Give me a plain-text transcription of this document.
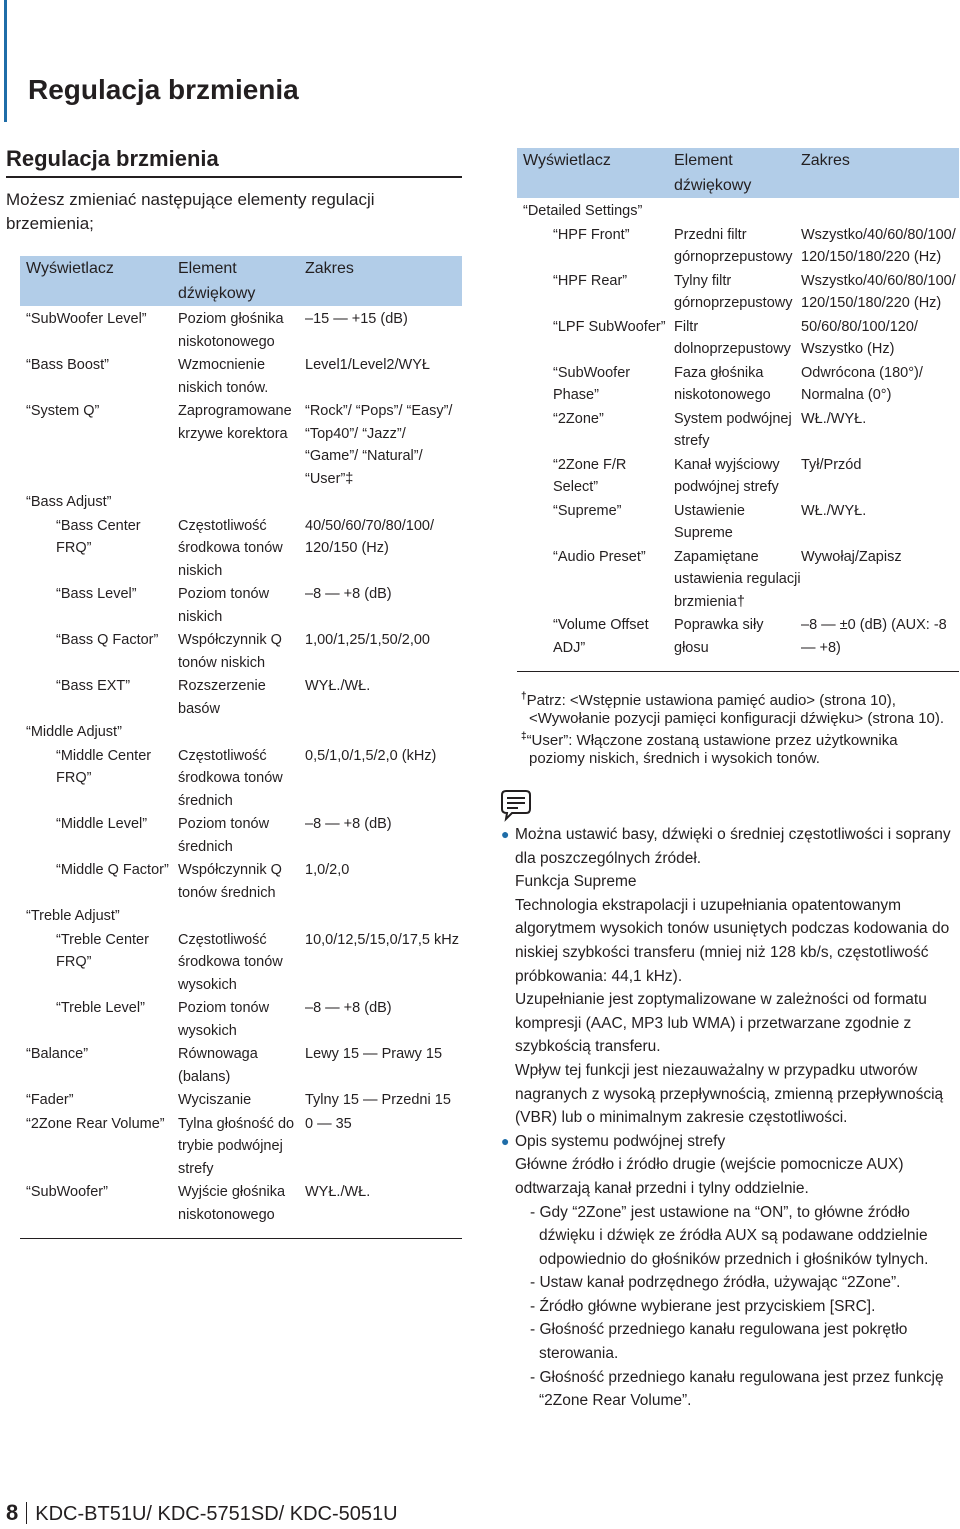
Regulacja brzmienia
Regulacja brzmienia

Możesz zmieniać następujące elementy regulacji brzemienia;

Wyświetlacz	Element dźwiękowy	Zakres
“SubWoofer Level”	Poziom głośnika niskotonowego	–15 — +15 (dB)
“Bass Boost”	Wzmocnienie niskich tonów.	Level1/Level2/WYŁ
“System Q”	Zaprogramowane krzywe korektora	“Rock”/ “Pops”/ “Easy”/ “Top40”/ “Jazz”/ “Game”/ “Natural”/ “User”‡
“Bass Adjust”		
“Bass Center FRQ”	Częstotliwość środkowa tonów niskich	40/50/60/70/80/100/ 120/150 (Hz)
“Bass Level”	Poziom tonów niskich	–8 — +8 (dB)
“Bass Q Factor”	Współczynnik Q tonów niskich	1,00/1,25/1,50/2,00
“Bass EXT”	Rozszerzenie basów	WYŁ./WŁ.
“Middle Adjust”		
“Middle Center FRQ”	Częstotliwość środkowa tonów średnich	0,5/1,0/1,5/2,0 (kHz)
“Middle Level”	Poziom tonów średnich	–8 — +8 (dB)
“Middle Q Factor”	Współczynnik Q tonów średnich	1,0/2,0
“Treble Adjust”		
“Treble Center FRQ”	Częstotliwość środkowa tonów wysokich	10,0/12,5/15,0/17,5 kHz
“Treble Level”	Poziom tonów wysokich	–8 — +8 (dB)
“Balance”	Równowaga (balans)	Lewy 15 — Prawy 15
“Fader”	Wyciszanie	Tylny 15 — Przedni 15
“2Zone Rear Volume”	Tylna głośność do trybie podwójnej strefy	0 — 35
“SubWoofer”	Wyjście głośnika niskotonowego	WYŁ./WŁ.
Wyświetlacz	Element dźwiękowy	Zakres
“Detailed Settings”		
“HPF Front”	Przedni filtr górnoprzepustowy	Wszystko/40/60/80/100/ 120/150/180/220 (Hz)
“HPF Rear”	Tylny filtr górnoprzepustowy	Wszystko/40/60/80/100/ 120/150/180/220 (Hz)
“LPF SubWoofer”	Filtr dolnoprzepustowy	50/60/80/100/120/ Wszystko (Hz)
“SubWoofer Phase”	Faza głośnika niskotonowego	Odwrócona (180°)/ Normalna (0°)
“2Zone”	System podwójnej strefy	WŁ./WYŁ.
“2Zone F/R Select”	Kanał wyjściowy podwójnej strefy	Tył/Przód
“Supreme”	Ustawienie Supreme	WŁ./WYŁ.
“Audio Preset”	Zapamiętane ustawienia regulacji brzmienia†	Wywołaj/Zapisz
“Volume Offset ADJ”	Poprawka siły głosu	–8 — ±0 (dB) (AUX: -8 — +8)
†Patrz: <Wstępnie ustawiona pamięć audio> (strona 10), <Wywołanie pozycji pamięci konfiguracji dźwięku> (strona 10).
‡“User”: Włączone zostaną ustawione przez użytkownika poziomy niskich, średnich i wysokich tonów.
● Można ustawić basy, dźwięki o średniej częstotliwości i soprany dla poszczególnych źródeł.
Funkcja Supreme
Technologia ekstrapolacji i uzupełniania opatentowanym algorytmem wysokich tonów usuniętych podczas kodowania do niskiej szybkości transferu (mniej niż 128 kb/s, częstotliwość próbkowania: 44,1 kHz).
Uzupełnianie jest zoptymalizowane w zależności od formatu kompresji (AAC, MP3 lub WMA) i przetwarzane zgodnie z szybkością transferu.
Wpływ tej funkcji jest niezauważalny w przypadku utworów nagranych z wysoką przepływnością, zmienną przepływnością (VBR) lub o minimalnym zakresie częstotliwości.
● Opis systemu podwójnej strefy
Główne źródło i źródło drugie (wejście pomocnicze AUX) odtwarzają kanał przedni i tylny oddzielnie.
- Gdy “2Zone” jest ustawione na “ON”, to główne źródło dźwięku i dźwięk ze źródła AUX są podawane oddzielnie odpowiednio do głośników przednich i głośników tylnych.
- Ustaw kanał podrzędnego źródła, używając “2Zone”.
- Źródło główne wybierane jest przyciskiem [SRC].
- Głośność przedniego kanału regulowana jest pokrętło sterowania.
- Głośność przedniego kanału regulowana jest przez funkcję “2Zone Rear Volume”.
8 KDC-BT51U/ KDC-5751SD/ KDC-5051U
